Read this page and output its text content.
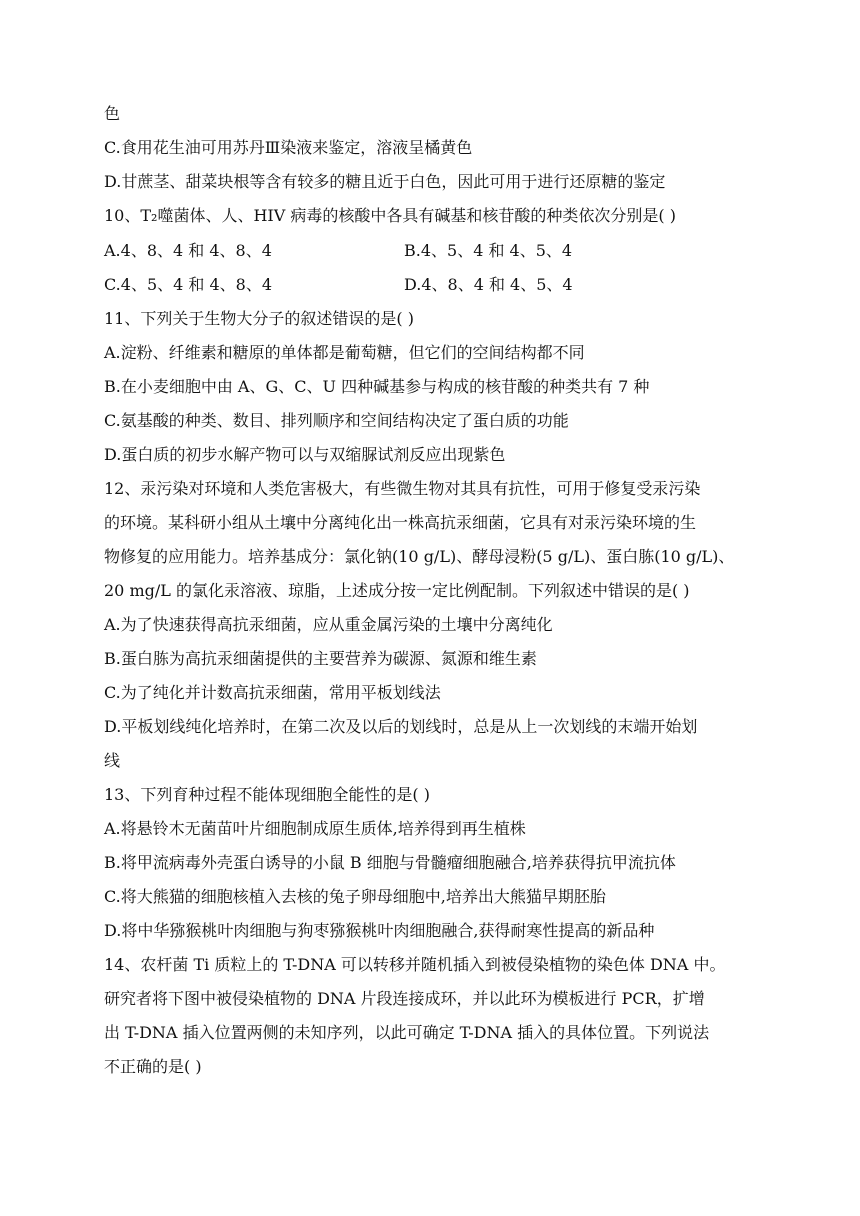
色
C.食用花生油可用苏丹Ⅲ染液来鉴定，溶液呈橘黄色
D.甘蔗茎、甜菜块根等含有较多的糖且近于白色，因此可用于进行还原糖的鉴定
10、T₂噬菌体、人、HIV 病毒的核酸中各具有碱基和核苷酸的种类依次分别是( )
A.4、8、4 和 4、8、4	B.4、5、4 和 4、5、4
C.4、5、4 和 4、8、4	D.4、8、4 和 4、5、4
11、下列关于生物大分子的叙述错误的是( )
A.淀粉、纤维素和糖原的单体都是葡萄糖，但它们的空间结构都不同
B.在小麦细胞中由 A、G、C、U 四种碱基参与构成的核苷酸的种类共有 7 种
C.氨基酸的种类、数目、排列顺序和空间结构决定了蛋白质的功能
D.蛋白质的初步水解产物可以与双缩脲试剂反应出现紫色
12、汞污染对环境和人类危害极大，有些微生物对其具有抗性，可用于修复受汞污染
的环境。某科研小组从土壤中分离纯化出一株高抗汞细菌，它具有对汞污染环境的生
物修复的应用能力。培养基成分：氯化钠(10 g/L)、酵母浸粉(5 g/L)、蛋白胨(10 g/L)、
20 mg/L 的氯化汞溶液、琼脂，上述成分按一定比例配制。下列叙述中错误的是( )
A.为了快速获得高抗汞细菌，应从重金属污染的土壤中分离纯化
B.蛋白胨为高抗汞细菌提供的主要营养为碳源、氮源和维生素
C.为了纯化并计数高抗汞细菌，常用平板划线法
D.平板划线纯化培养时，在第二次及以后的划线时，总是从上一次划线的末端开始划
线
13、下列育种过程不能体现细胞全能性的是( )
A.将悬铃木无菌苗叶片细胞制成原生质体,培养得到再生植株
B.将甲流病毒外壳蛋白诱导的小鼠 B 细胞与骨髓瘤细胞融合,培养获得抗甲流抗体
C.将大熊猫的细胞核植入去核的兔子卵母细胞中,培养出大熊猫早期胚胎
D.将中华猕猴桃叶肉细胞与狗枣猕猴桃叶肉细胞融合,获得耐寒性提高的新品种
14、农杆菌 Ti 质粒上的 T-DNA 可以转移并随机插入到被侵染植物的染色体 DNA 中。
研究者将下图中被侵染植物的 DNA 片段连接成环，并以此环为模板进行 PCR，扩增
出 T-DNA 插入位置两侧的未知序列，以此可确定 T-DNA 插入的具体位置。下列说法
不正确的是( )
